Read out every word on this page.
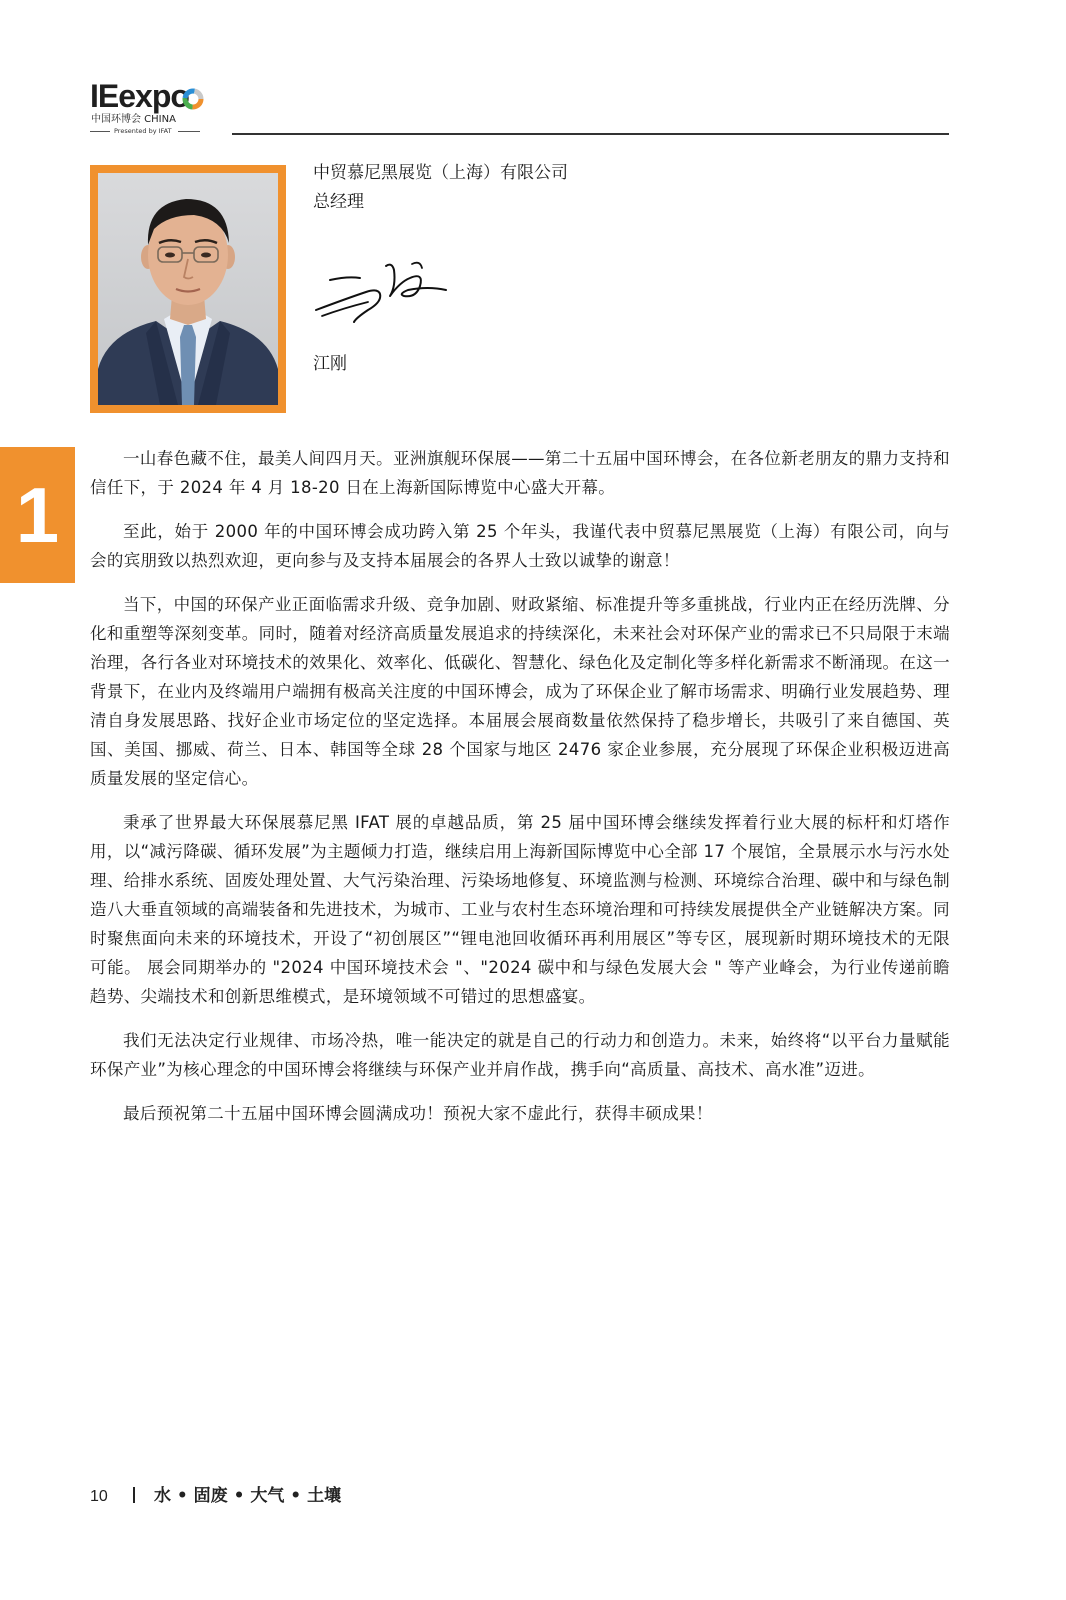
IEexpo
中国环博会 CHINA
Presented by IFAT
中贸慕尼黑展览（上海）有限公司
总经理
江刚
1

一山春色藏不住，最美人间四月天。亚洲旗舰环保展——第二十五届中国环博会，在各位新老朋友的鼎力支持和信任下，于 2024 年 4 月 18-20 日在上海新国际博览中心盛大开幕。

至此，始于 2000 年的中国环博会成功跨入第 25 个年头，我谨代表中贸慕尼黑展览（上海）有限公司，向与会的宾朋致以热烈欢迎，更向参与及支持本届展会的各界人士致以诚挚的谢意！

当下，中国的环保产业正面临需求升级、竞争加剧、财政紧缩、标准提升等多重挑战，行业内正在经历洗牌、分化和重塑等深刻变革。同时，随着对经济高质量发展追求的持续深化，未来社会对环保产业的需求已不只局限于末端治理，各行各业对环境技术的效果化、效率化、低碳化、智慧化、绿色化及定制化等多样化新需求不断涌现。在这一背景下，在业内及终端用户端拥有极高关注度的中国环博会，成为了环保企业了解市场需求、明确行业发展趋势、理清自身发展思路、找好企业市场定位的坚定选择。本届展会展商数量依然保持了稳步增长，共吸引了来自德国、英国、美国、挪威、荷兰、日本、韩国等全球 28 个国家与地区 2476 家企业参展，充分展现了环保企业积极迈进高质量发展的坚定信心。

秉承了世界最大环保展慕尼黑 IFAT 展的卓越品质，第 25 届中国环博会继续发挥着行业大展的标杆和灯塔作用，以“减污降碳、循环发展”为主题倾力打造，继续启用上海新国际博览中心全部 17 个展馆，全景展示水与污水处理、给排水系统、固废处理处置、大气污染治理、污染场地修复、环境监测与检测、环境综合治理、碳中和与绿色制造八大垂直领域的高端装备和先进技术，为城市、工业与农村生态环境治理和可持续发展提供全产业链解决方案。同时聚焦面向未来的环境技术，开设了“初创展区”“锂电池回收循环再利用展区”等专区，展现新时期环境技术的无限可能。 展会同期举办的 "2024 中国环境技术会 "、"2024 碳中和与绿色发展大会 " 等产业峰会，为行业传递前瞻趋势、尖端技术和创新思维模式，是环境领域不可错过的思想盛宴。

我们无法决定行业规律、市场冷热，唯一能决定的就是自己的行动力和创造力。未来，始终将“以平台力量赋能环保产业”为核心理念的中国环博会将继续与环保产业并肩作战，携手向“高质量、高技术、高水准”迈进。

最后预祝第二十五届中国环博会圆满成功！预祝大家不虚此行，获得丰硕成果！

10	水 • 固废 • 大气 • 土壤
